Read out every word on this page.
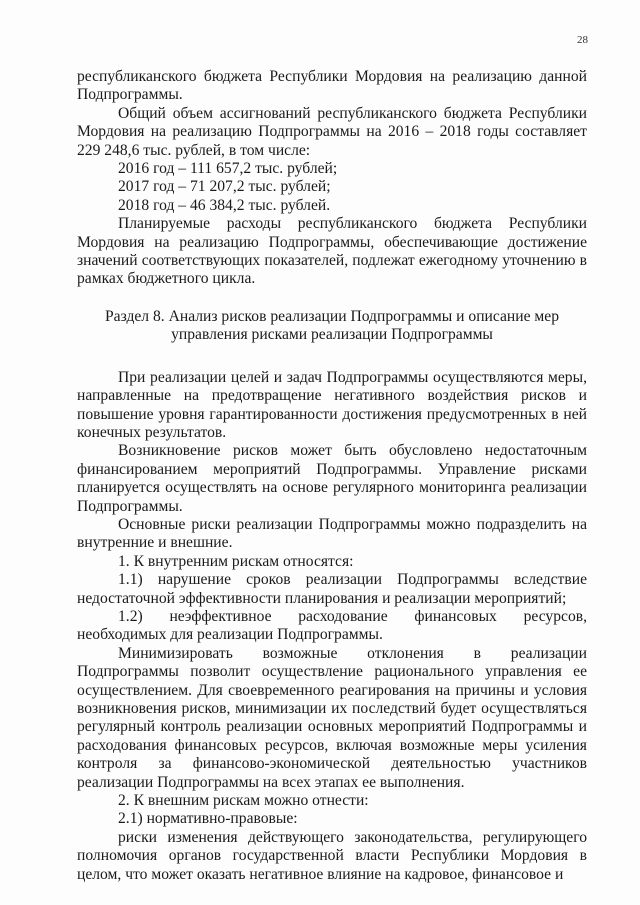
28

республиканского бюджета Республики Мордовия на реализацию данной Подпрограммы.

Общий объем ассигнований республиканского бюджета Республики Мордовия на реализацию Подпрограммы на 2016 – 2018 годы составляет 229 248,6 тыс. рублей, в том числе:

2016 год – 111 657,2 тыс. рублей;

2017 год – 71 207,2 тыс. рублей;

2018 год – 46 384,2 тыс. рублей.

Планируемые расходы республиканского бюджета Республики Мордовия на реализацию Подпрограммы, обеспечивающие достижение значений соответствующих показателей, подлежат ежегодному уточнению в рамках бюджетного цикла.

Раздел 8. Анализ рисков реализации Подпрограммы и описание мер
управления рисками реализации Подпрограммы

При реализации целей и задач Подпрограммы осуществляются меры, направленные на предотвращение негативного воздействия рисков и повышение уровня гарантированности достижения предусмотренных в ней конечных результатов.

Возникновение рисков может быть обусловлено недостаточным финансированием мероприятий Подпрограммы. Управление рисками планируется осуществлять на основе регулярного мониторинга реализации Подпрограммы.

Основные риски реализации Подпрограммы можно подразделить на внутренние и внешние.

1. К внутренним рискам относятся:

1.1) нарушение сроков реализации Подпрограммы вследствие недостаточной эффективности планирования и реализации мероприятий;

1.2) неэффективное расходование финансовых ресурсов, необходимых для реализации Подпрограммы.

Минимизировать возможные отклонения в реализации Подпрограммы позволит осуществление рационального управления ее осуществлением. Для своевременного реагирования на причины и условия возникновения рисков, минимизации их последствий будет осуществляться регулярный контроль реализации основных мероприятий Подпрограммы и расходования финансовых ресурсов, включая возможные меры усиления контроля за финансово-экономической деятельностью участников реализации Подпрограммы на всех этапах ее выполнения.

2. К внешним рискам можно отнести:

2.1) нормативно-правовые:

риски изменения действующего законодательства, регулирующего полномочия органов государственной власти Республики Мордовия в целом, что может оказать негативное влияние на кадровое, финансовое и
